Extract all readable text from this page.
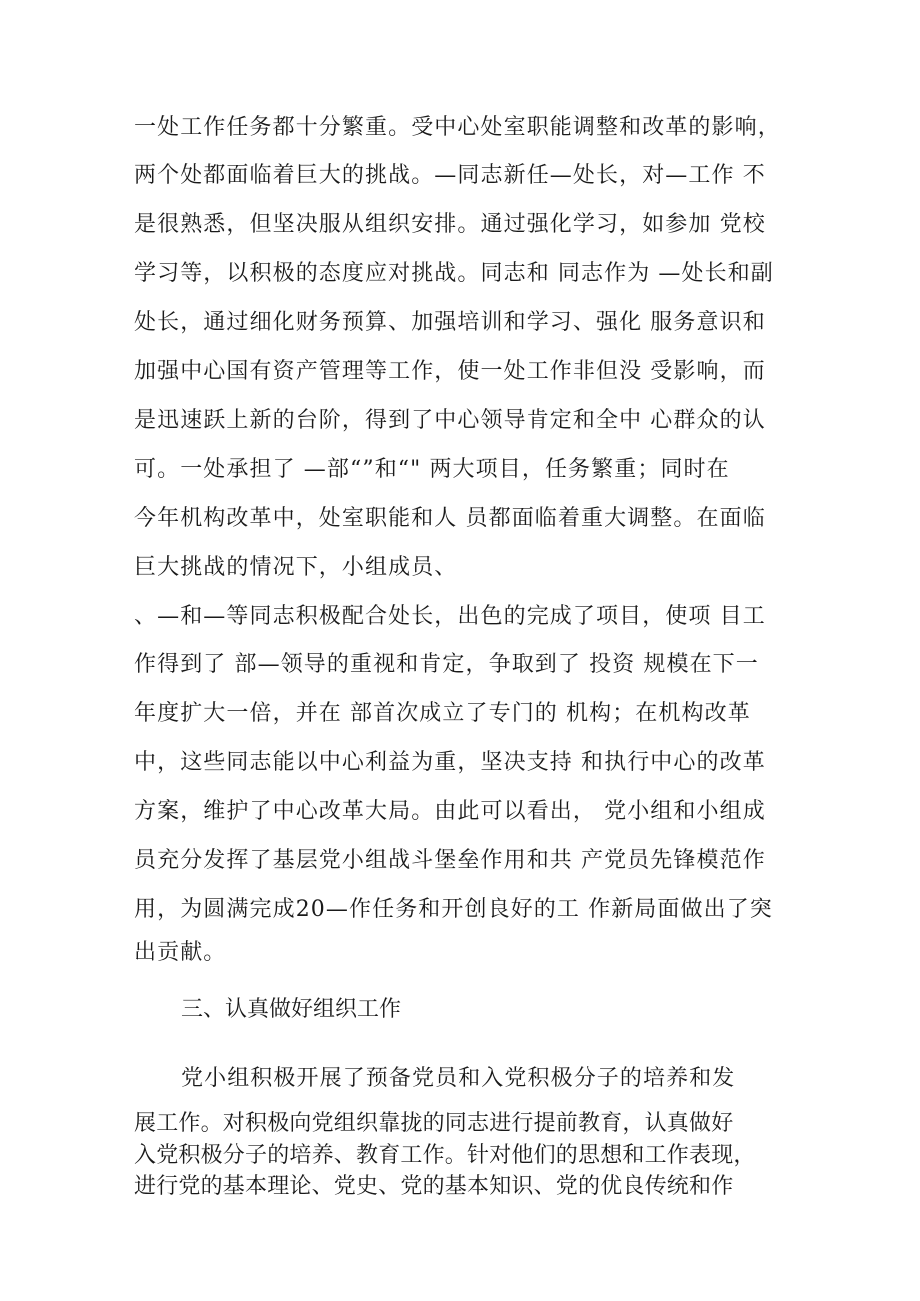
一处工作任务都十分繁重。受中心处室职能调整和改革的影响，
两个处都面临着巨大的挑战。—同志新任—处长，对—工作 不
是很熟悉，但坚决服从组织安排。通过强化学习，如参加 党校
学习等，以积极的态度应对挑战。同志和 同志作为 —处长和副
处长，通过细化财务预算、加强培训和学习、强化 服务意识和
加强中心国有资产管理等工作，使一处工作非但没 受影响，而
是迅速跃上新的台阶，得到了中心领导肯定和全中 心群众的认
可。一处承担了 —部“”和“" 两大项目，任务繁重；同时在
今年机构改革中，处室职能和人 员都面临着重大调整。在面临
巨大挑战的情况下，小组成员、
、—和—等同志积极配合处长，出色的完成了项目，使项 目工
作得到了 部—领导的重视和肯定，争取到了 投资 规模在下一
年度扩大一倍，并在 部首次成立了专门的 机构；在机构改革
中，这些同志能以中心利益为重，坚决支持 和执行中心的改革
方案，维护了中心改革大局。由此可以看出， 党小组和小组成
员充分发挥了基层党小组战斗堡垒作用和共 产党员先锋模范作
用，为圆满完成20—作任务和开创良好的工 作新局面做出了突
出贡献。
三、认真做好组织工作
党小组积极开展了预备党员和入党积极分子的培养和发
展工作。对积极向党组织靠拢的同志进行提前教育，认真做好
入党积极分子的培养、教育工作。针对他们的思想和工作表现，
进行党的基本理论、党史、党的基本知识、党的优良传统和作
